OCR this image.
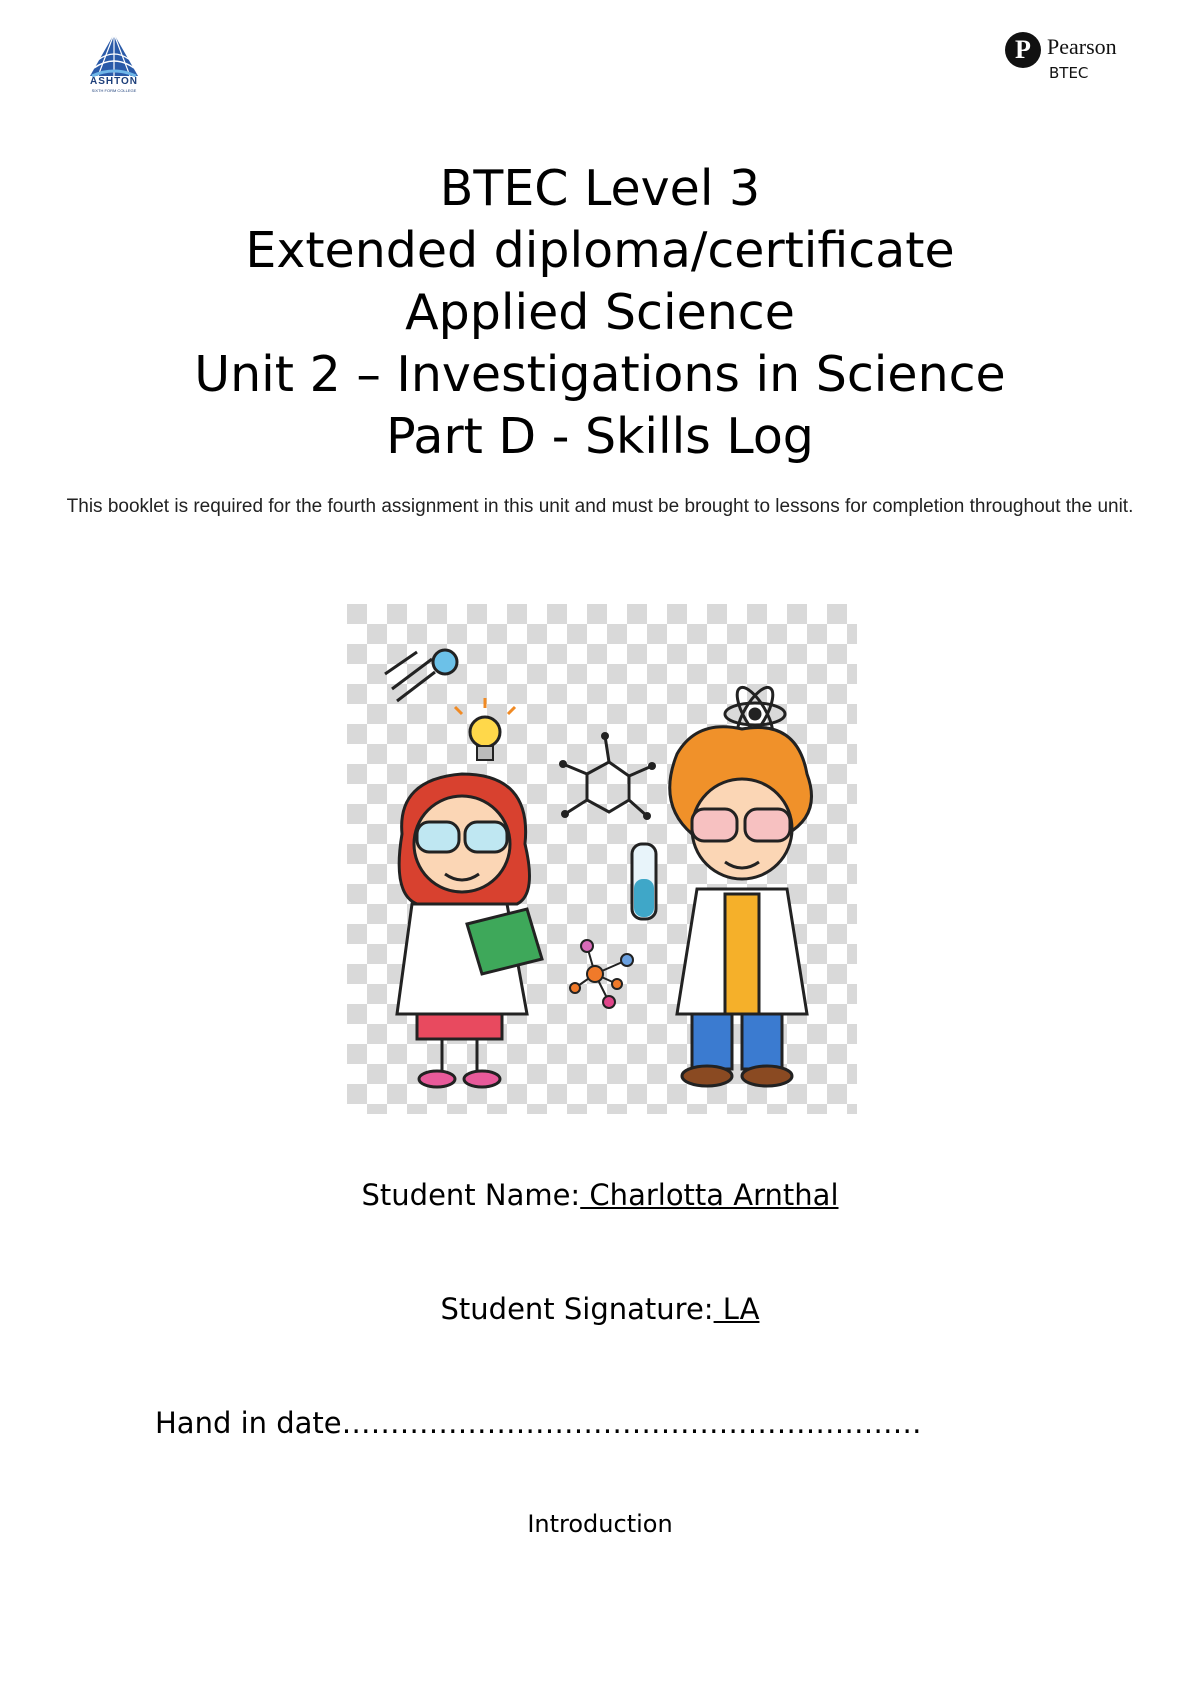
ASHTON
SIXTH FORM COLLEGE
P Pearson
BTEC
BTEC Level 3
Extended diploma/certificate
Applied Science
Unit 2 – Investigations in Science
Part D - Skills Log
This booklet is required for the fourth assignment in this unit and must be brought to lessons for completion throughout the unit.
Student Name: Charlotta Arnthal
Student Signature: LA
Hand in date……………………………………………………
Introduction
